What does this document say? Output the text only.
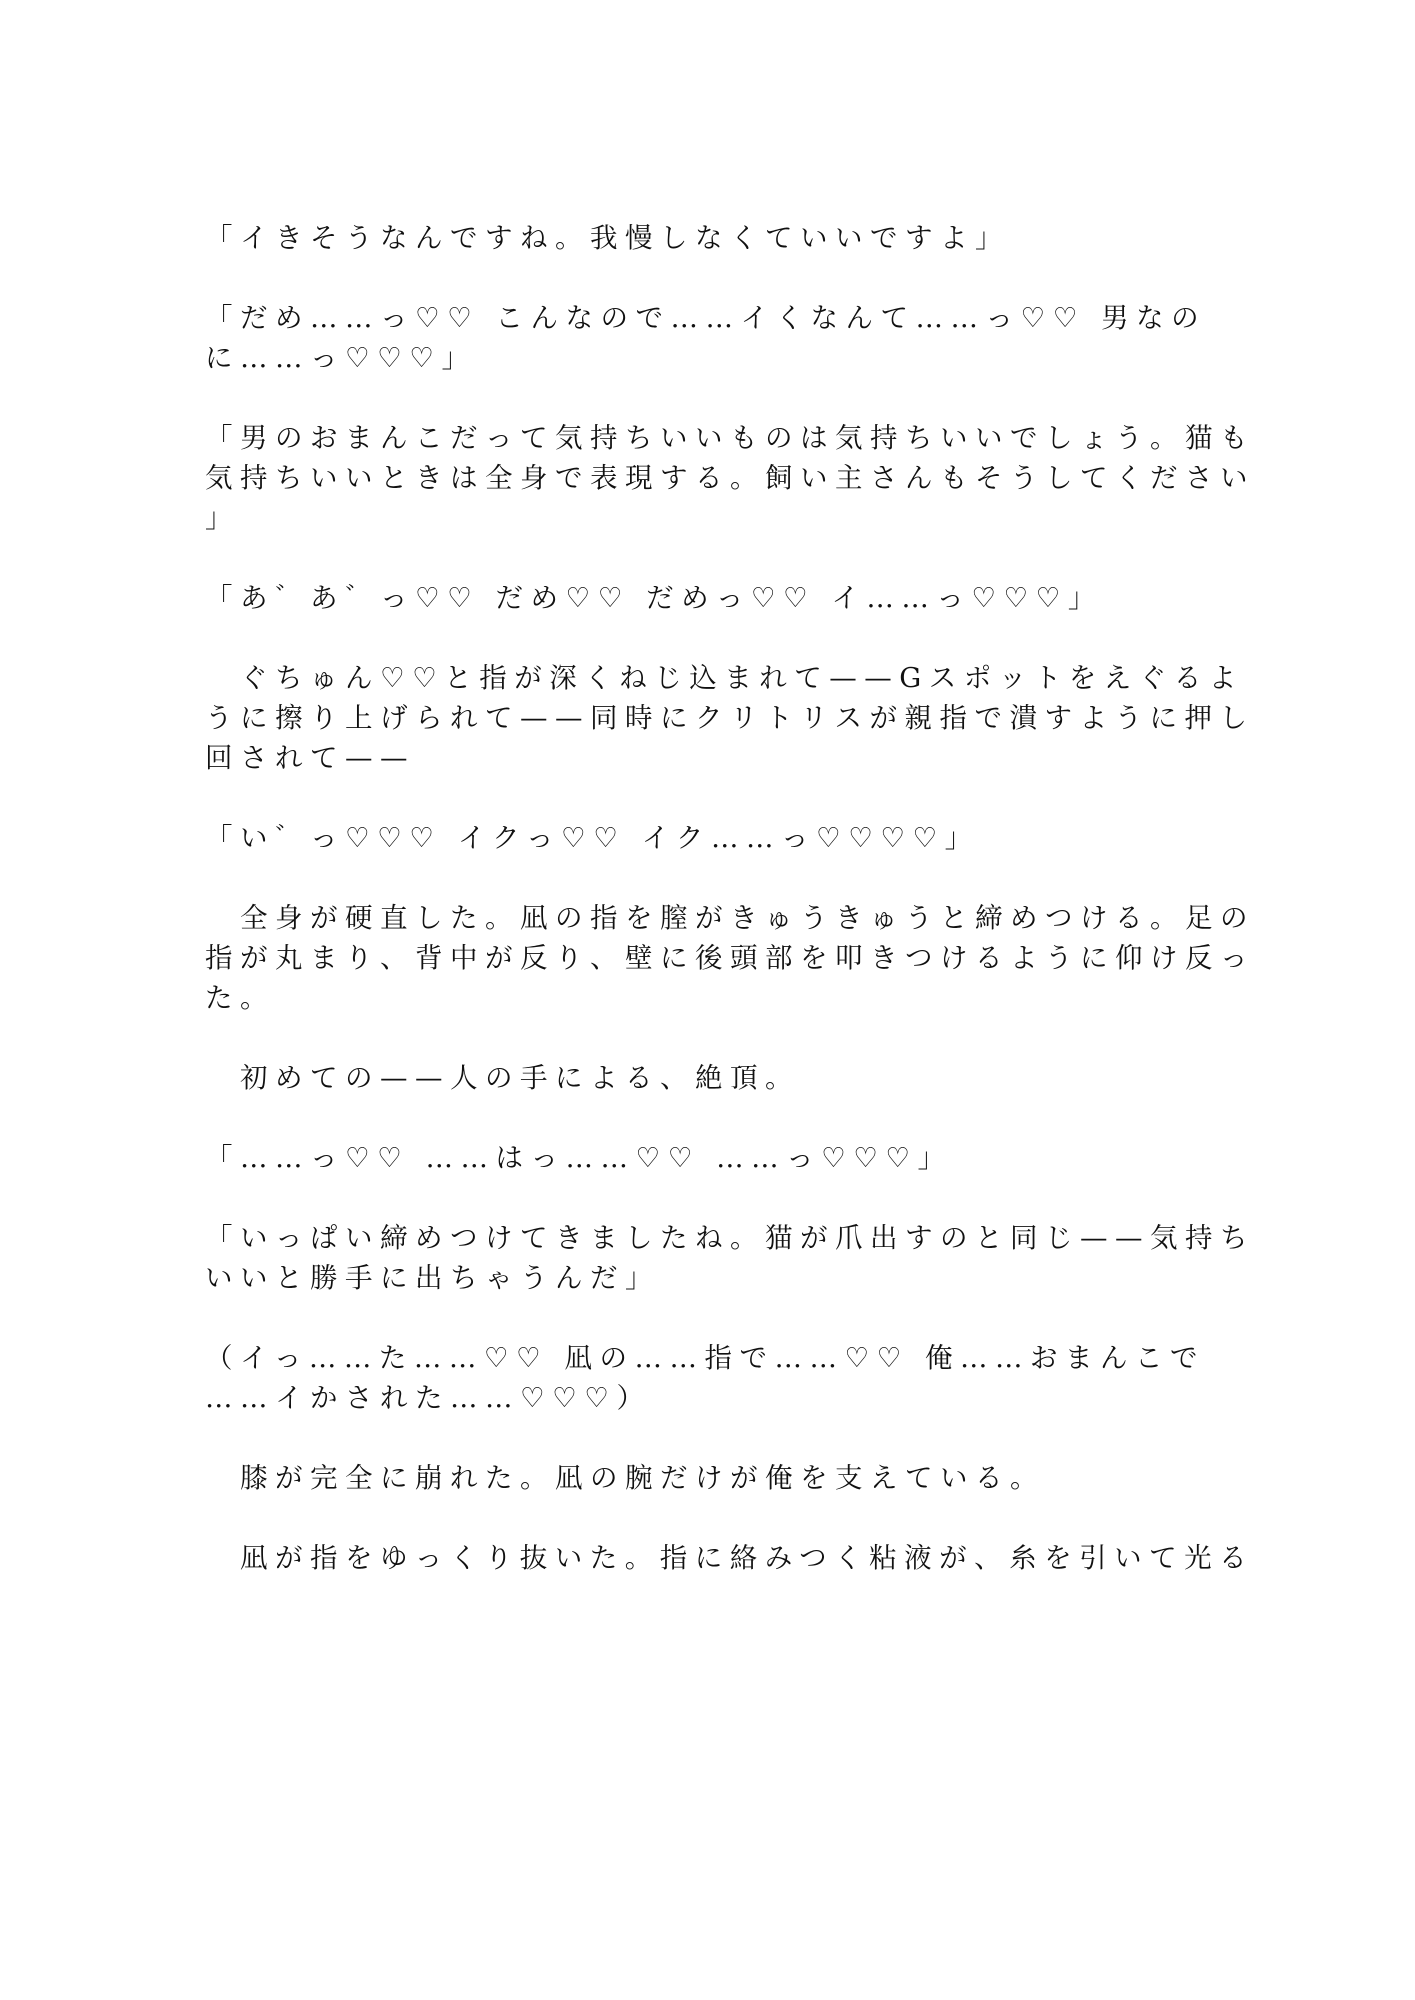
「イきそうなんですね。我慢しなくていいですよ」

「だめ……っ♡♡ こんなので……イくなんて……っ♡♡ 男なの
に……っ♡♡♡」

「男のおまんこだって気持ちいいものは気持ちいいでしょう。猫も
気持ちいいときは全身で表現する。飼い主さんもそうしてください
」

「あ゛あ゛っ♡♡ だめ♡♡ だめっ♡♡ イ……っ♡♡♡」

　ぐちゅん♡♡と指が深くねじ込まれて——Gスポットをえぐるよ
うに擦り上げられて——同時にクリトリスが親指で潰すように押し
回されて——

「い゛っ♡♡♡ イクっ♡♡ イク……っ♡♡♡♡」

　全身が硬直した。凪の指を膣がきゅうきゅうと締めつける。足の
指が丸まり、背中が反り、壁に後頭部を叩きつけるように仰け反っ
た。

　初めての——人の手による、絶頂。

「……っ♡♡ ……はっ……♡♡ ……っ♡♡♡」

「いっぱい締めつけてきましたね。猫が爪出すのと同じ——気持ち
いいと勝手に出ちゃうんだ」

（イっ……た……♡♡ 凪の……指で……♡♡ 俺……おまんこで
……イかされた……♡♡♡）

　膝が完全に崩れた。凪の腕だけが俺を支えている。

　凪が指をゆっくり抜いた。指に絡みつく粘液が、糸を引いて光る
